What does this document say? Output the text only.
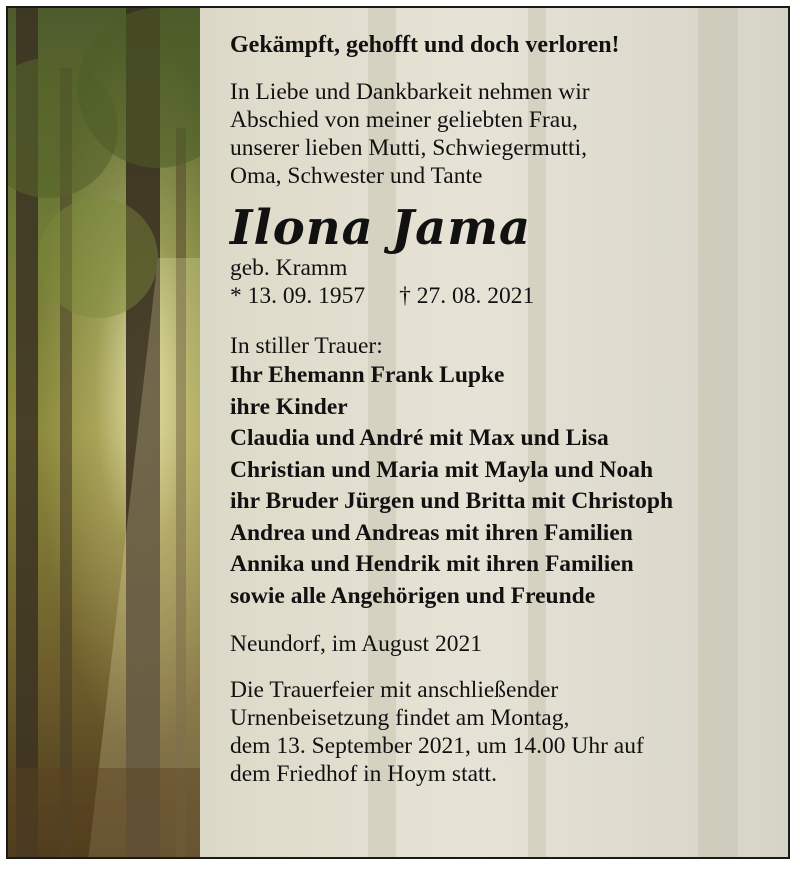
Gekämpft, gehofft und doch verloren!
In Liebe und Dankbarkeit nehmen wir
Abschied von meiner geliebten Frau,
unserer lieben Mutti, Schwiegermutti,
Oma, Schwester und Tante
Ilona Jama
geb. Kramm
* 13. 09. 1957 † 27. 08. 2021
In stiller Trauer:
Ihr Ehemann Frank Lupke
ihre Kinder
Claudia und André mit Max und Lisa
Christian und Maria mit Mayla und Noah
ihr Bruder Jürgen und Britta mit Christoph
Andrea und Andreas mit ihren Familien
Annika und Hendrik mit ihren Familien
sowie alle Angehörigen und Freunde
Neundorf, im August 2021
Die Trauerfeier mit anschließender
Urnenbeisetzung findet am Montag,
dem 13. September 2021, um 14.00 Uhr auf
dem Friedhof in Hoym statt.
